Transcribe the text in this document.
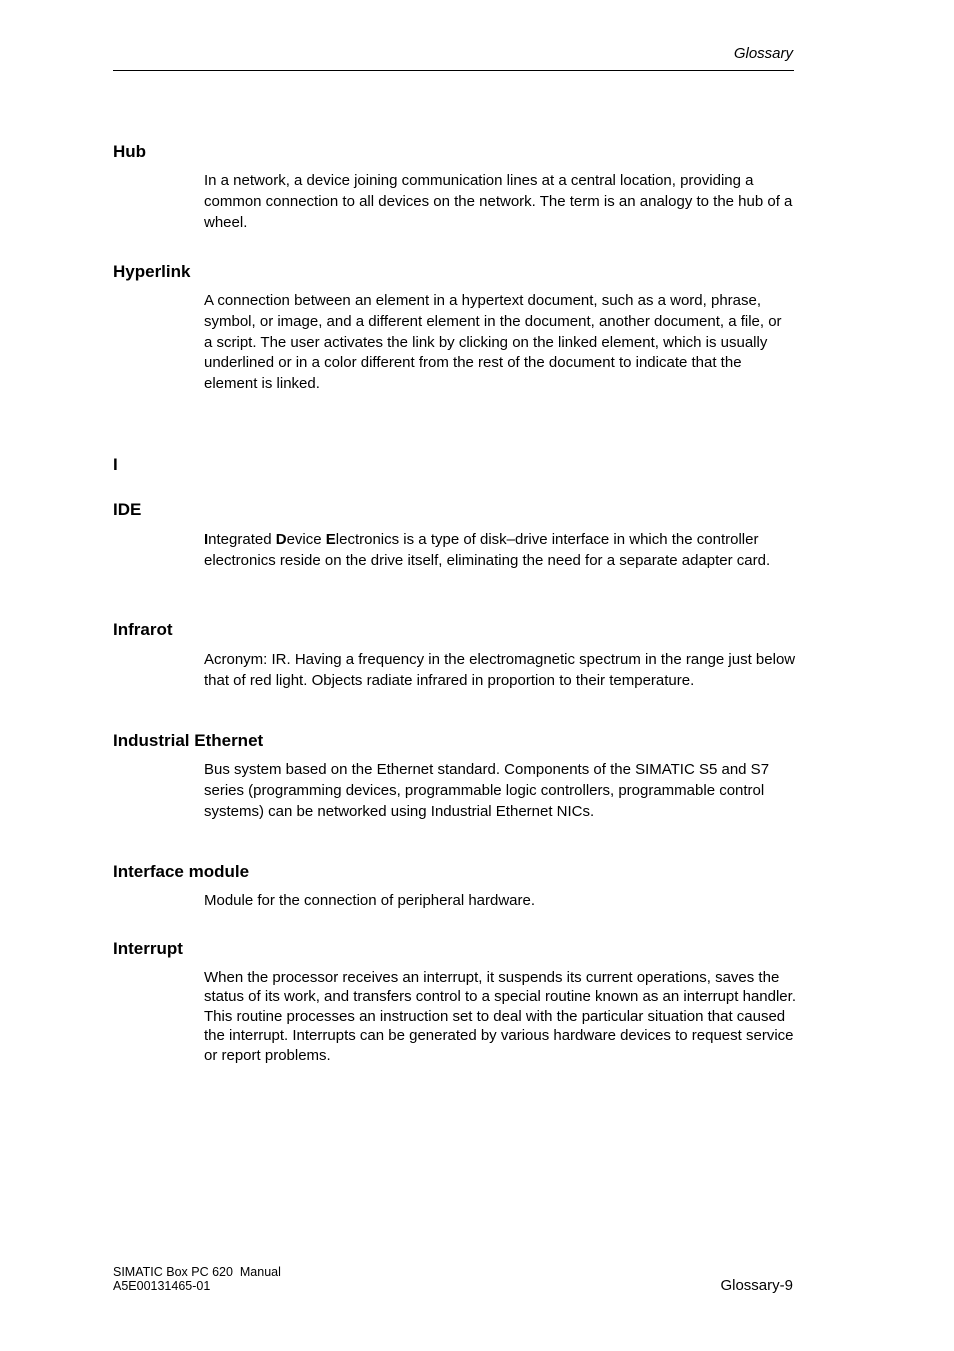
Glossary
Hub
In a network, a device joining communication lines at a central location, providing a common connection to all devices on the network. The term is an analogy to the hub of a wheel.
Hyperlink
A connection between an element in a hypertext document, such as a word, phrase, symbol, or image, and a different element in the document, another document, a file, or a script. The user activates the link by clicking on the linked element, which is usually underlined or in a color different from the rest of the document to indicate that the element is linked.
I
IDE
Integrated Device Electronics is a type of disk–drive interface in which the controller electronics reside on the drive itself, eliminating the need for a separate adapter card.
Infrarot
Acronym: IR. Having a frequency in the electromagnetic spectrum in the range just below that of red light. Objects radiate infrared in proportion to their temperature.
Industrial Ethernet
Bus system based on the Ethernet standard. Components of the SIMATIC S5 and S7 series (programming devices, programmable logic controllers, programmable control systems) can be networked using Industrial Ethernet NICs.
Interface module
Module for the connection of peripheral hardware.
Interrupt
When the processor receives an interrupt, it suspends its current operations, saves the status of its work, and transfers control to a special routine known as an interrupt handler. This routine processes an instruction set to deal with the particular situation that caused the interrupt. Interrupts can be generated by various hardware devices to request service or report problems.
SIMATIC Box PC 620  Manual
A5E00131465-01	Glossary-9
